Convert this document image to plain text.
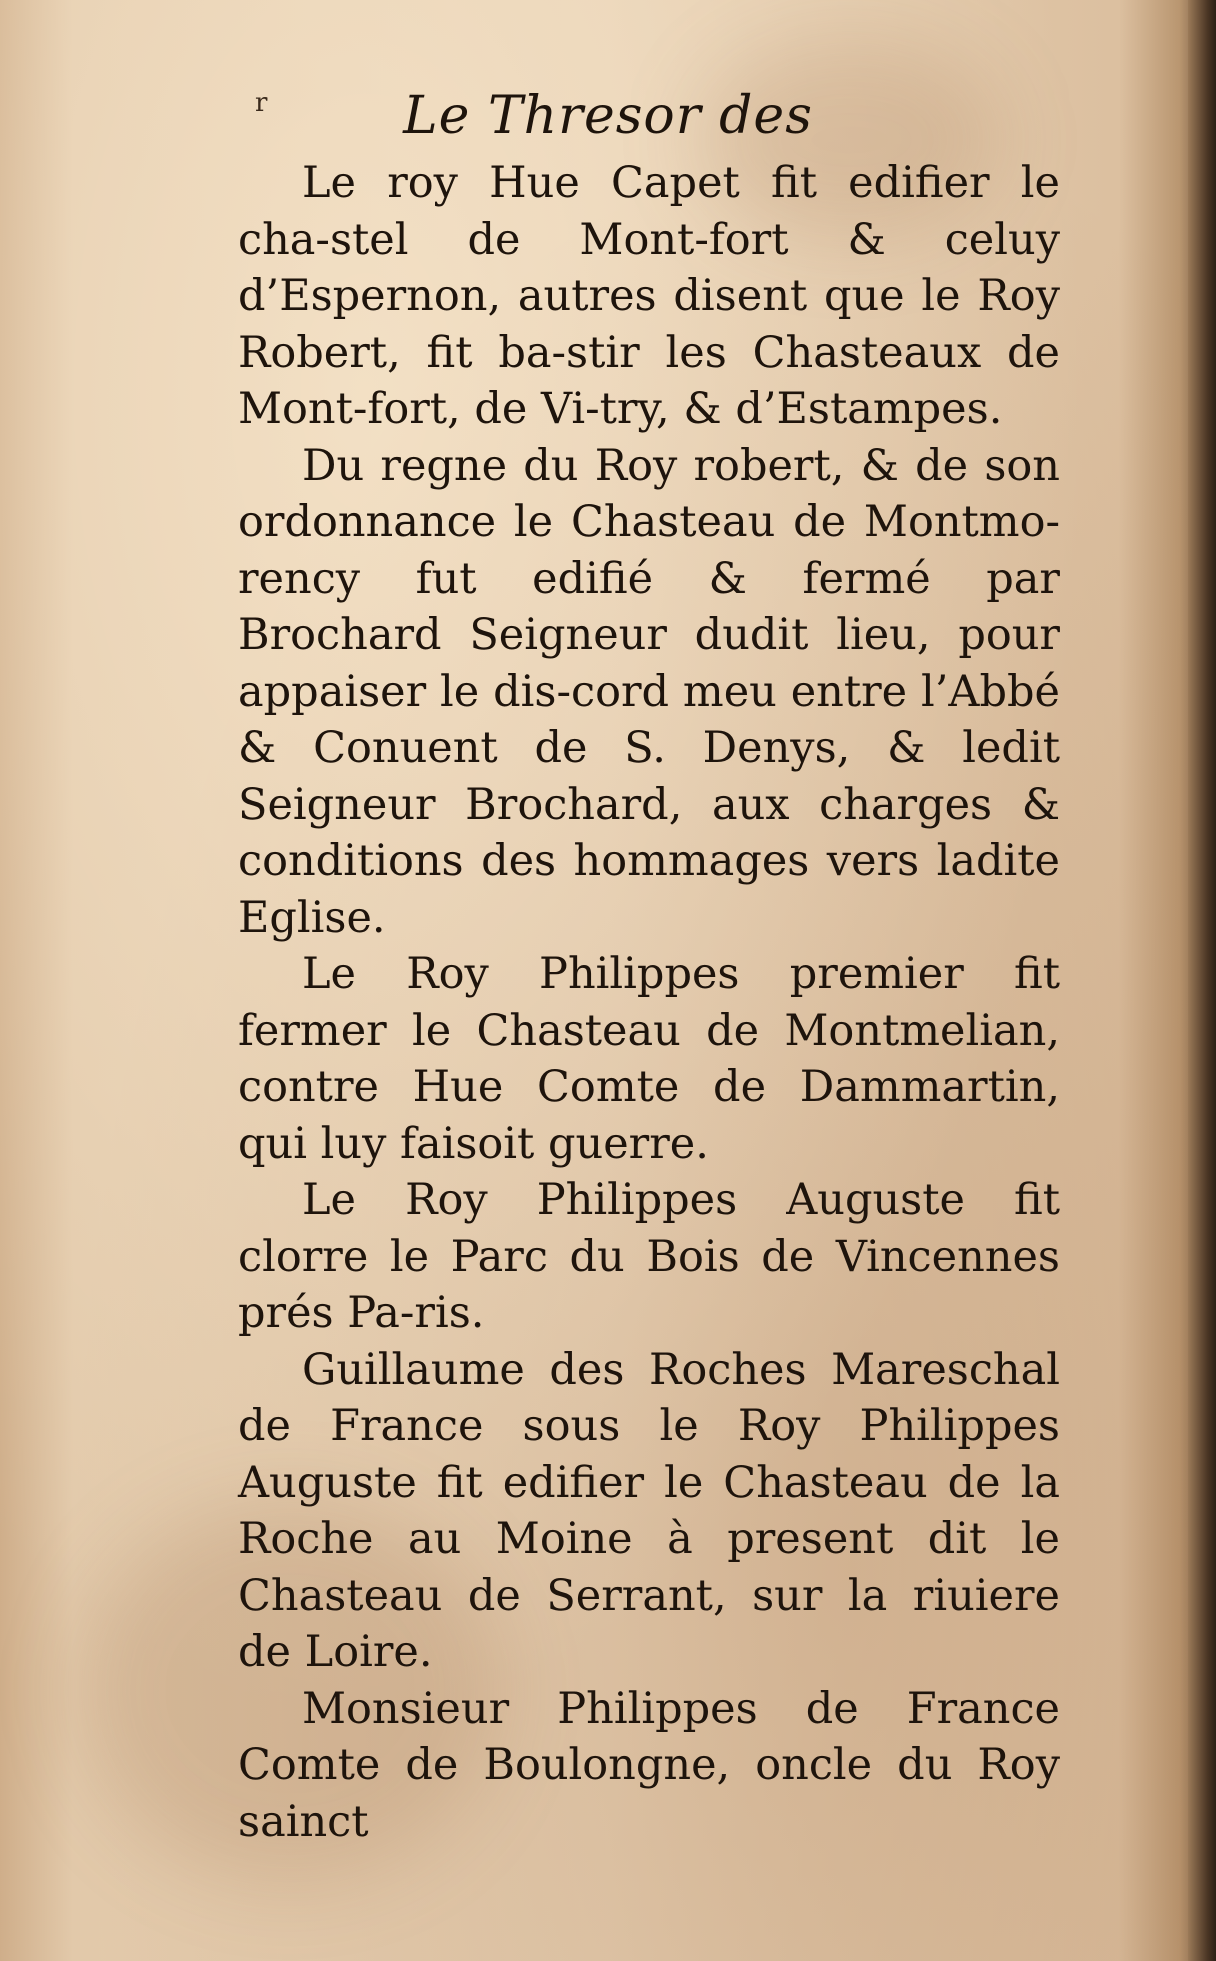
r	Le Thresor des

Le roy Hue Capet fit edifier le cha-stel de Mont-fort & celuy d’Espernon, autres disent que le Roy Robert, fit ba-stir les Chasteaux de Mont-fort, de Vi-try, & d’Estampes.

Du regne du Roy robert, & de son ordonnance le Chasteau de Montmo-rency fut edifié & fermé par Brochard Seigneur dudit lieu, pour appaiser le dis-cord meu entre l’Abbé & Conuent de S. Denys, & ledit Seigneur Brochard, aux charges & conditions des hommages vers ladite Eglise.

Le Roy Philippes premier fit fermer le Chasteau de Montmelian, contre Hue Comte de Dammartin, qui luy faisoit guerre.

Le Roy Philippes Auguste fit clorre le Parc du Bois de Vincennes prés Pa-ris.

Guillaume des Roches Mareschal de France sous le Roy Philippes Auguste fit edifier le Chasteau de la Roche au Moine à present dit le Chasteau de Serrant, sur la riuiere de Loire.

Monsieur Philippes de France Comte de Boulongne, oncle du Roy sainct
